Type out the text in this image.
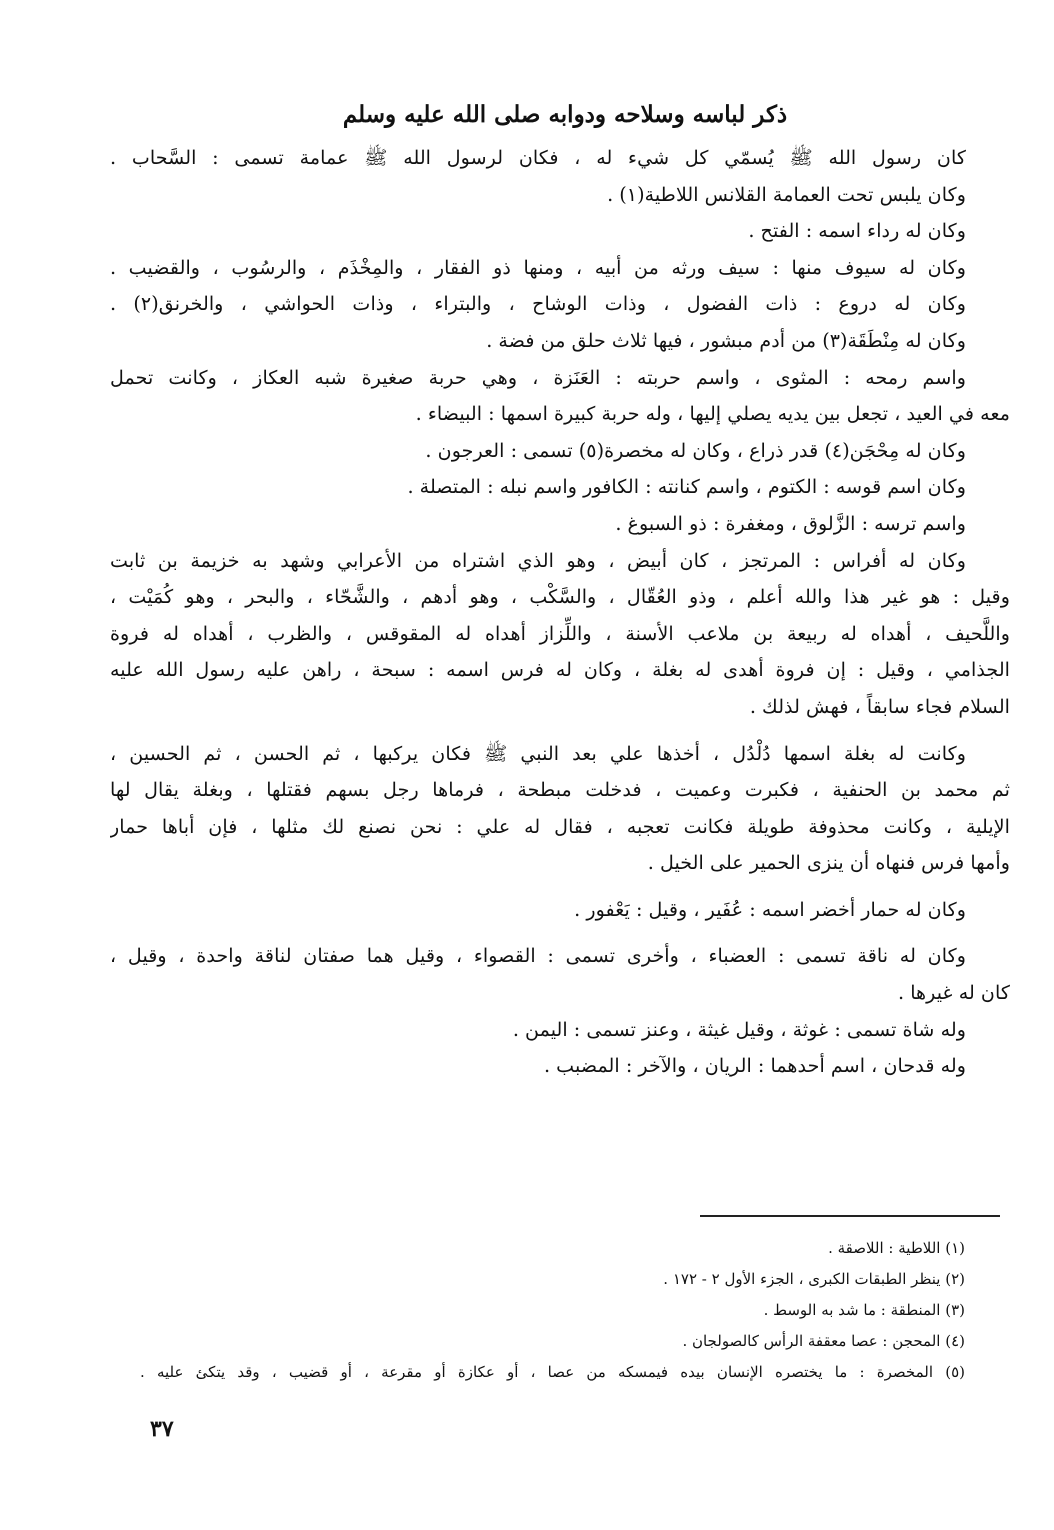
ذكر لباسه وسلاحه ودوابه صلى الله عليه وسلم
كان رسول الله ﷺ يُسمّي كل شيء له ، فكان لرسول الله ﷺ عمامة تسمى : السَّحاب .
وكان يلبس تحت العمامة القلانس اللاطية(١) .
وكان له رداء اسمه : الفتح .
وكان له سيوف منها : سيف ورثه من أبيه ، ومنها ذو الفقار ، والمِخْذَم ، والرسُوب ، والقضيب .
وكان له دروع : ذات الفضول ، وذات الوشاح ، والبتراء ، وذات الحواشي ، والخرنق(٢) .
وكان له مِنْطَقَة(٣) من أدم مبشور ، فيها ثلاث حلق من فضة .
واسم رمحه : المثوى ، واسم حربته : العَنَزة ، وهي حربة صغيرة شبه العكاز ، وكانت تحمل
معه في العيد ، تجعل بين يديه يصلي إليها ، وله حربة كبيرة اسمها : البيضاء .
وكان له مِحْجَن(٤) قدر ذراع ، وكان له مخصرة(٥) تسمى : العرجون .
وكان اسم قوسه : الكتوم ، واسم كنانته : الكافور واسم نبله : المتصلة .
واسم ترسه : الزَّلوق ، ومغفرة : ذو السبوغ .
وكان له أفراس : المرتجز ، كان أبيض ، وهو الذي اشتراه من الأعرابي وشهد به خزيمة بن ثابت
وقيل : هو غير هذا والله أعلم ، وذو العُقّال ، والسَّكْب ، وهو أدهم ، والشَّحّاء ، والبحر ، وهو كُمَيْت ،
واللَّحيف ، أهداه له ربيعة بن ملاعب الأسنة ، واللِّزاز أهداه له المقوقس ، والظرب ، أهداه له فروة
الجذامي ، وقيل : إن فروة أهدى له بغلة ، وكان له فرس اسمه : سبحة ، راهن عليه رسول الله عليه
السلام فجاء سابقاً ، فهش لذلك .
وكانت له بغلة اسمها دُلْدُل ، أخذها علي بعد النبي ﷺ فكان يركبها ، ثم الحسن ، ثم الحسين ،
ثم محمد بن الحنفية ، فكبرت وعميت ، فدخلت مبطحة ، فرماها رجل بسهم فقتلها ، وبغلة يقال لها
الإيلية ، وكانت محذوفة طويلة فكانت تعجبه ، فقال له علي : نحن نصنع لك مثلها ، فإن أباها حمار
وأمها فرس فنهاه أن ينزى الحمير على الخيل .
وكان له حمار أخضر اسمه : عُفَير ، وقيل : يَعْفور .
وكان له ناقة تسمى : العضباء ، وأخرى تسمى : القصواء ، وقيل هما صفتان لناقة واحدة ، وقيل ،
كان له غيرها .
وله شاة تسمى : غوثة ، وقيل غيثة ، وعنز تسمى : اليمن .
وله قدحان ، اسم أحدهما : الريان ، والآخر : المضبب .
(١) اللاطية : اللاصقة .
(٢) ينظر الطبقات الكبرى ، الجزء الأول ٢ - ١٧٢ .
(٣) المنطقة : ما شد به الوسط .
(٤) المحجن : عصا معقفة الرأس كالصولجان .
(٥) المخصرة : ما يختصره الإنسان بيده فيمسكه من عصا ، أو عكازة أو مقرعة ، أو قضيب ، وقد يتكئ عليه .
٣٧
